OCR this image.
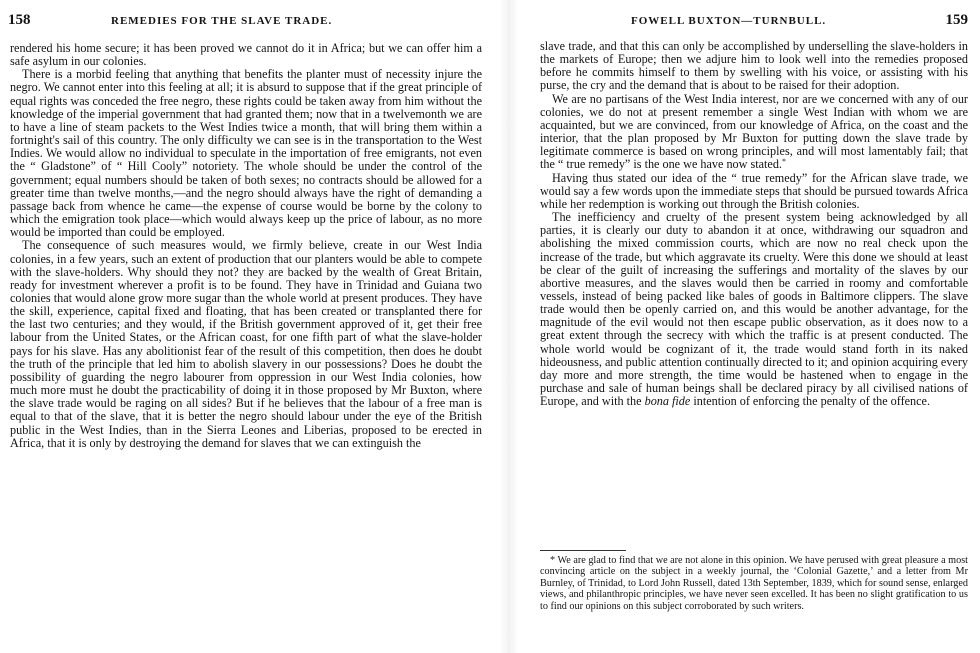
158	REMEDIES FOR THE SLAVE TRADE.

rendered his home secure; it has been proved we cannot do it in Africa; but we can offer him a safe asylum in our colonies.

There is a morbid feeling that anything that benefits the planter must of necessity injure the negro. We cannot enter into this feeling at all; it is absurd to suppose that if the great principle of equal rights was conceded the free negro, these rights could be taken away from him without the knowledge of the imperial government that had granted them; now that in a twelvemonth we are to have a line of steam packets to the West Indies twice a month, that will bring them within a fortnight's sail of this country. The only difficulty we can see is in the transportation to the West Indies. We would allow no individual to speculate in the importation of free emigrants, not even the “ Gladstone” of “ Hill Cooly” notoriety. The whole should be under the control of the government; equal numbers should be taken of both sexes; no contracts should be allowed for a greater time than twelve months,—and the negro should always have the right of demanding a passage back from whence he came—the expense of course would be borne by the colony to which the emigration took place—which would always keep up the price of labour, as no more would be imported than could be employed.

The consequence of such measures would, we firmly believe, create in our West India colonies, in a few years, such an extent of production that our planters would be able to compete with the slave-holders. Why should they not? they are backed by the wealth of Great Britain, ready for investment wherever a profit is to be found. They have in Trinidad and Guiana two colonies that would alone grow more sugar than the whole world at present produces. They have the skill, experience, capital fixed and floating, that has been created or transplanted there for the last two centuries; and they would, if the British government approved of it, get their free labour from the United States, or the African coast, for one fifth part of what the slave-holder pays for his slave. Has any abolitionist fear of the result of this competition, then does he doubt the truth of the principle that led him to abolish slavery in our possessions? Does he doubt the possibility of guarding the negro labourer from oppression in our West India colonies, how much more must he doubt the practicability of doing it in those proposed by Mr Buxton, where the slave trade would be raging on all sides? But if he believes that the labour of a free man is equal to that of the slave, that it is better the negro should labour under the eye of the British public in the West Indies, than in the Sierra Leones and Liberias, proposed to be erected in Africa, that it is only by destroying the demand for slaves that we can extinguish the

FOWELL BUXTON—TURNBULL.	159

slave trade, and that this can only be accomplished by underselling the slave-holders in the markets of Europe; then we adjure him to look well into the remedies proposed before he commits himself to them by swelling with his voice, or assisting with his purse, the cry and the demand that is about to be raised for their adoption.

We are no partisans of the West India interest, nor are we concerned with any of our colonies, we do not at present remember a single West Indian with whom we are acquainted, but we are convinced, from our knowledge of Africa, on the coast and the interior, that the plan proposed by Mr Buxton for putting down the slave trade by legitimate commerce is based on wrong principles, and will most lamentably fail; that the “ true remedy” is the one we have now stated.*

Having thus stated our idea of the “ true remedy” for the African slave trade, we would say a few words upon the immediate steps that should be pursued towards Africa while her redemption is working out through the British colonies.

The inefficiency and cruelty of the present system being acknowledged by all parties, it is clearly our duty to abandon it at once, withdrawing our squadron and abolishing the mixed commission courts, which are now no real check upon the increase of the trade, but which aggravate its cruelty. Were this done we should at least be clear of the guilt of increasing the sufferings and mortality of the slaves by our abortive measures, and the slaves would then be carried in roomy and comfortable vessels, instead of being packed like bales of goods in Baltimore clippers. The slave trade would then be openly carried on, and this would be another advantage, for the magnitude of the evil would not then escape public observation, as it does now to a great extent through the secrecy with which the traffic is at present conducted. The whole world would be cognizant of it, the trade would stand forth in its naked hideousness, and public attention continually directed to it; and opinion acquiring every day more and more strength, the time would be hastened when to engage in the purchase and sale of human beings shall be declared piracy by all civilised nations of Europe, and with the bona fide intention of enforcing the penalty of the offence.

* We are glad to find that we are not alone in this opinion. We have perused with great pleasure a most convincing article on the subject in a weekly journal, the ‘Colonial Gazette,’ and a letter from Mr Burnley, of Trinidad, to Lord John Russell, dated 13th September, 1839, which for sound sense, enlarged views, and philanthropic principles, we have never seen excelled. It has been no slight gratification to us to find our opinions on this subject corroborated by such writers.
